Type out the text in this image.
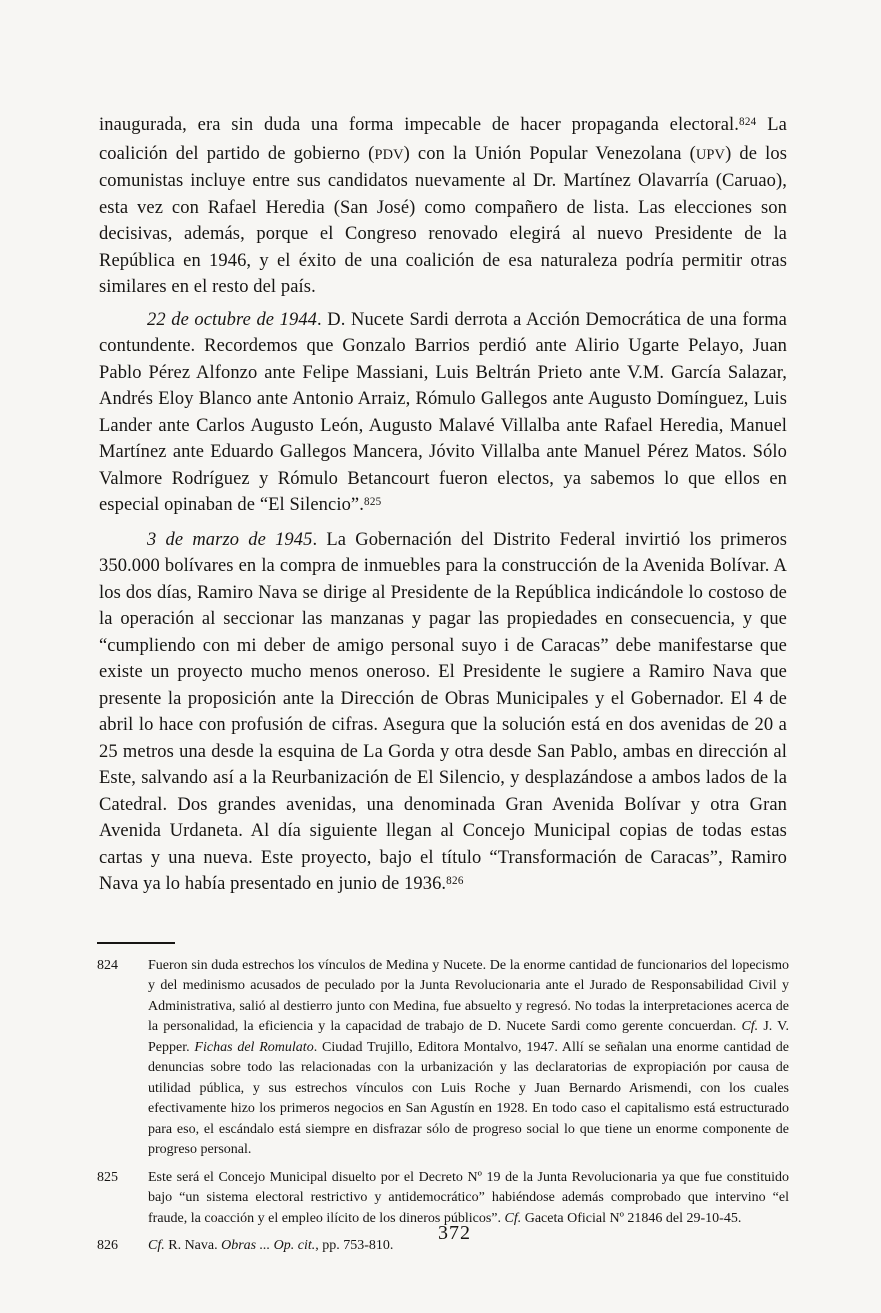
inaugurada, era sin duda una forma impecable de hacer propaganda electoral.$^{824}$ La coalición del partido de gobierno (PDV) con la Unión Popular Venezolana (UPV) de los comunistas incluye entre sus candidatos nuevamente al Dr. Martínez Olavarría (Caruao), esta vez con Rafael Heredia (San José) como compañero de lista. Las elecciones son decisivas, además, porque el Congreso renovado elegirá al nuevo Presidente de la República en 1946, y el éxito de una coalición de esa naturaleza podría permitir otras similares en el resto del país.

22 de octubre de 1944. D. Nucete Sardi derrota a Acción Democrática de una forma contundente. Recordemos que Gonzalo Barrios perdió ante Alirio Ugarte Pelayo, Juan Pablo Pérez Alfonzo ante Felipe Massiani, Luis Beltrán Prieto ante V.M. García Salazar, Andrés Eloy Blanco ante Antonio Arraiz, Rómulo Gallegos ante Augusto Domínguez, Luis Lander ante Carlos Augusto León, Augusto Malavé Villalba ante Rafael Heredia, Manuel Martínez ante Eduardo Gallegos Mancera, Jóvito Villalba ante Manuel Pérez Matos. Sólo Valmore Rodríguez y Rómulo Betancourt fueron electos, ya sabemos lo que ellos en especial opinaban de “El Silencio”.$^{825}$

3 de marzo de 1945. La Gobernación del Distrito Federal invirtió los primeros 350.000 bolívares en la compra de inmuebles para la construcción de la Avenida Bolívar. A los dos días, Ramiro Nava se dirige al Presidente de la República indicándole lo costoso de la operación al seccionar las manzanas y pagar las propiedades en consecuencia, y que “cumpliendo con mi deber de amigo personal suyo i de Caracas” debe manifestarse que existe un proyecto mucho menos oneroso. El Presidente le sugiere a Ramiro Nava que presente la proposición ante la Dirección de Obras Municipales y el Gobernador. El 4 de abril lo hace con profusión de cifras. Asegura que la solución está en dos avenidas de 20 a 25 metros una desde la esquina de La Gorda y otra desde San Pablo, ambas en dirección al Este, salvando así a la Reurbanización de El Silencio, y desplazándose a ambos lados de la Catedral. Dos grandes avenidas, una denominada Gran Avenida Bolívar y otra Gran Avenida Urdaneta. Al día siguiente llegan al Concejo Municipal copias de todas estas cartas y una nueva. Este proyecto, bajo el título “Transformación de Caracas”, Ramiro Nava ya lo había presentado en junio de 1936.$^{826}$

824 Fueron sin duda estrechos los vínculos de Medina y Nucete. De la enorme cantidad de funcionarios del lopecismo y del medinismo acusados de peculado por la Junta Revolucionaria ante el Jurado de Responsabilidad Civil y Administrativa, salió al destierro junto con Medina, fue absuelto y regresó. No todas la interpretaciones acerca de la personalidad, la eficiencia y la capacidad de trabajo de D. Nucete Sardi como gerente concuerdan. Cf. J. V. Pepper. Fichas del Romulato. Ciudad Trujillo, Editora Montalvo, 1947. Allí se señalan una enorme cantidad de denuncias sobre todo las relacionadas con la urbanización y las declaratorias de expropiación por causa de utilidad pública, y sus estrechos vínculos con Luis Roche y Juan Bernardo Arismendi, con los cuales efectivamente hizo los primeros negocios en San Agustín en 1928. En todo caso el capitalismo está estructurado para eso, el escándalo está siempre en disfrazar sólo de progreso social lo que tiene un enorme componente de progreso personal.
825 Este será el Concejo Municipal disuelto por el Decreto Nº 19 de la Junta Revolucionaria ya que fue constituido bajo “un sistema electoral restrictivo y antidemocrático” habiéndose además comprobado que intervino “el fraude, la coacción y el empleo ilícito de los dineros públicos”. Cf. Gaceta Oficial Nº 21846 del 29-10-45.
826 Cf. R. Nava. Obras ... Op. cit., pp. 753-810.
372
